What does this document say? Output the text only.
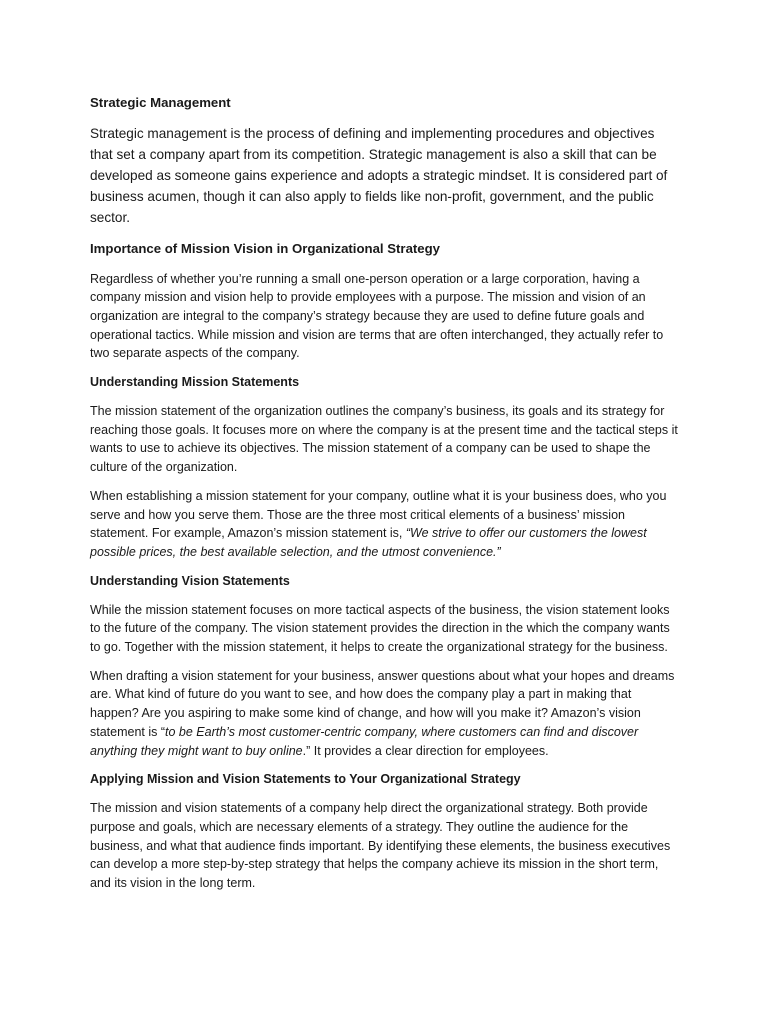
Strategic Management
Strategic management is the process of defining and implementing procedures and objectives that set a company apart from its competition. Strategic management is also a skill that can be developed as someone gains experience and adopts a strategic mindset. It is considered part of business acumen, though it can also apply to fields like non-profit, government, and the public sector.
Importance of Mission Vision in Organizational Strategy
Regardless of whether you’re running a small one-person operation or a large corporation, having a company mission and vision help to provide employees with a purpose. The mission and vision of an organization are integral to the company’s strategy because they are used to define future goals and operational tactics. While mission and vision are terms that are often interchanged, they actually refer to two separate aspects of the company.
Understanding Mission Statements
The mission statement of the organization outlines the company’s business, its goals and its strategy for reaching those goals. It focuses more on where the company is at the present time and the tactical steps it wants to use to achieve its objectives. The mission statement of a company can be used to shape the culture of the organization.
When establishing a mission statement for your company, outline what it is your business does, who you serve and how you serve them. Those are the three most critical elements of a business’ mission statement. For example, Amazon’s mission statement is, “We strive to offer our customers the lowest possible prices, the best available selection, and the utmost convenience.”
Understanding Vision Statements
While the mission statement focuses on more tactical aspects of the business, the vision statement looks to the future of the company. The vision statement provides the direction in the which the company wants to go. Together with the mission statement, it helps to create the organizational strategy for the business.
When drafting a vision statement for your business, answer questions about what your hopes and dreams are. What kind of future do you want to see, and how does the company play a part in making that happen? Are you aspiring to make some kind of change, and how will you make it? Amazon’s vision statement is “to be Earth’s most customer-centric company, where customers can find and discover anything they might want to buy online.” It provides a clear direction for employees.
Applying Mission and Vision Statements to Your Organizational Strategy
The mission and vision statements of a company help direct the organizational strategy. Both provide purpose and goals, which are necessary elements of a strategy. They outline the audience for the business, and what that audience finds important. By identifying these elements, the business executives can develop a more step-by-step strategy that helps the company achieve its mission in the short term, and its vision in the long term.
